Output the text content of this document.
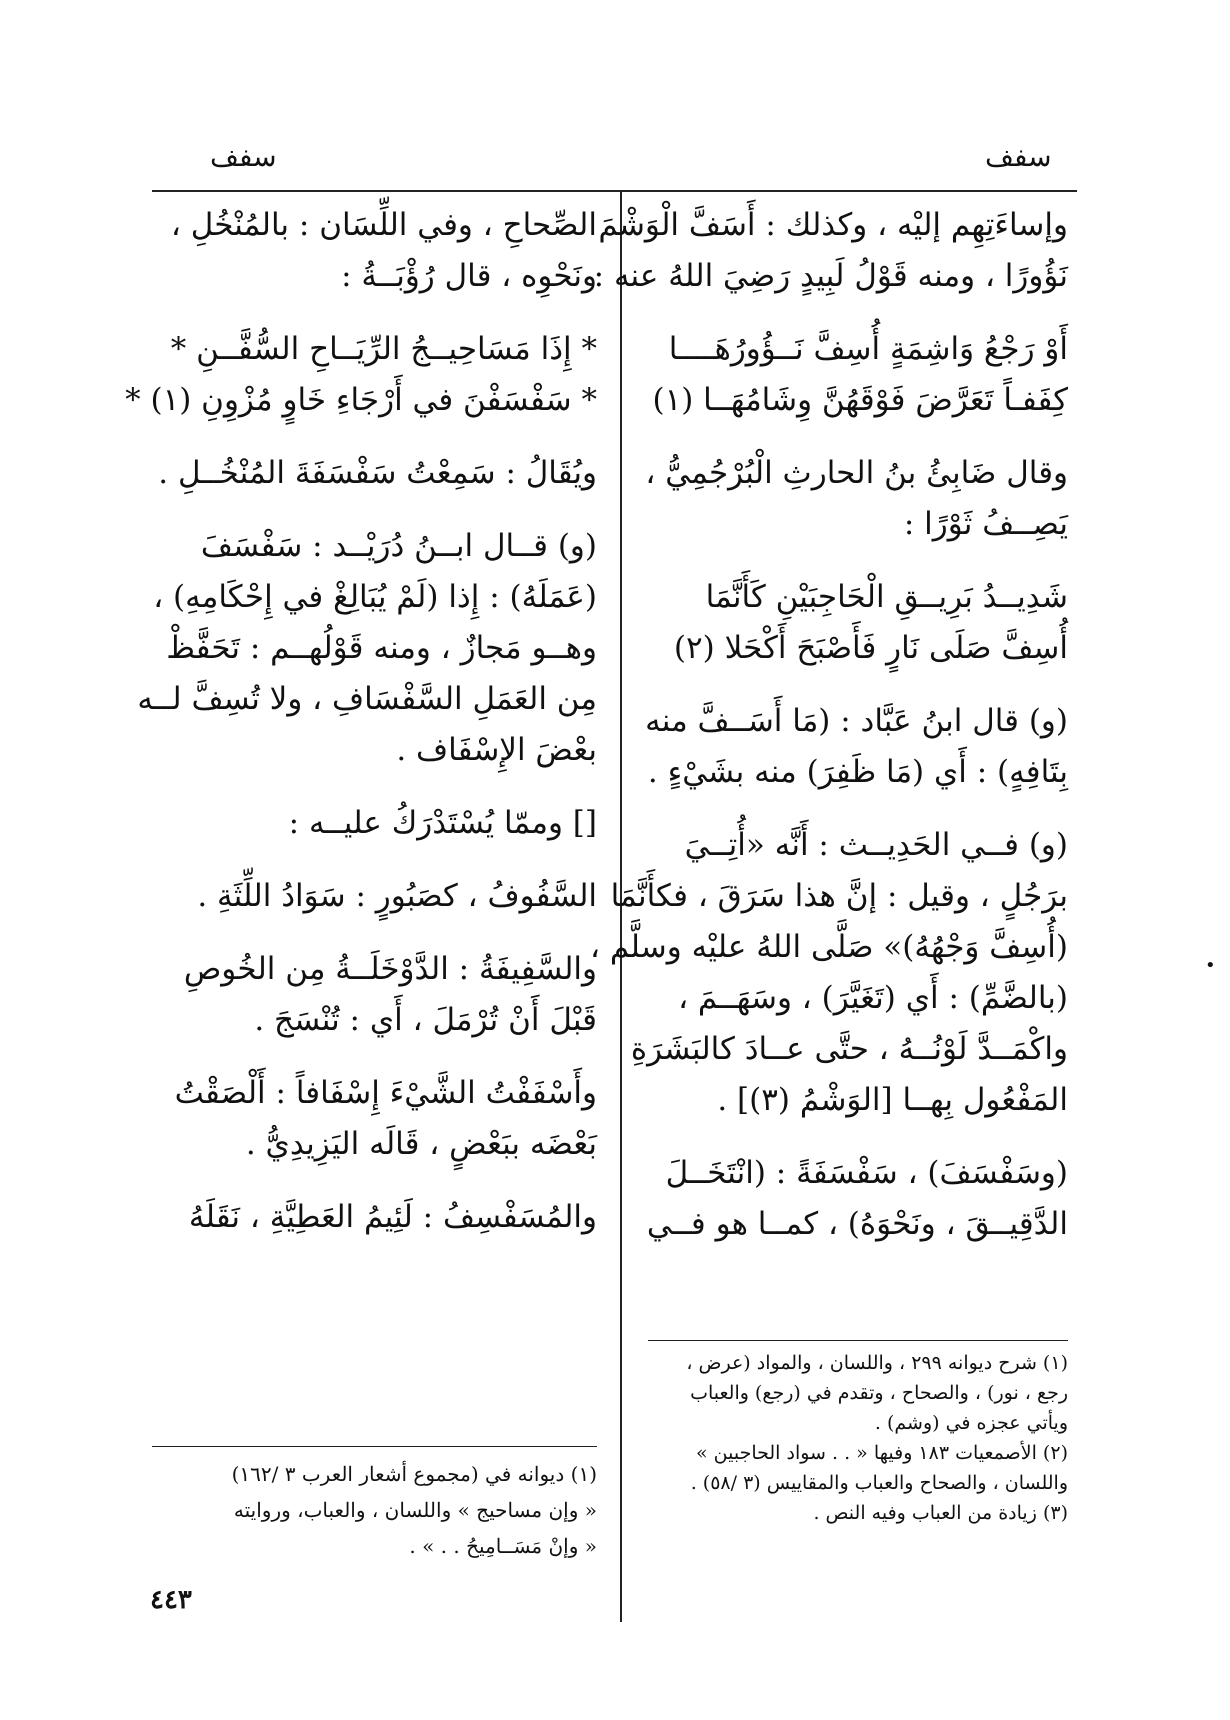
سفف
سفف

وإساءَتِهِم إليْه ، وكذلك : أَسَفَّ الْوَشْمَ

نَؤُورًا ، ومنه قَوْلُ لَبِيدٍ رَضِيَ اللهُ عنه :

أَوْ رَجْعُ وَاشِمَةٍ أُسِفَّ نَــؤُورُهَــــا

كِفَفـاً تَعَرَّضَ فَوْقَهُنَّ وِشَامُهَــا (١)

وقال ضَابِئُ بنُ الحارثِ الْبُرْجُمِيُّ ،

يَصِــفُ ثَوْرًا :

شَدِيــدُ بَرِيــقِ الْحَاجِبَيْنِ كَأَنَّمَا

أُسِفَّ صَلَى نَارٍ فَأَصْبَحَ أَكْحَلا (٢)

(و) قال ابنُ عَبَّاد : (مَا أَسَــفَّ منه

بِتَافِهٍ) : أَي (مَا ظَفِرَ) منه بشَيْءٍ .

(و) فــي الحَدِيــث : أَنَّه «أُتِــيَ

برَجُلٍ ، وقيل : إنَّ هذا سَرَقَ ، فكأَنَّمَا

(أُسِفَّ وَجْهُهُ)» صَلَّى اللهُ عليْه وسلَّم ،

(بالضَّمِّ) : أَي (تَغَيَّرَ) ، وسَهَــمَ ،

واكْمَــدَّ لَوْنُــهُ ، حتَّى عــادَ كالبَشَرَةِ

المَفْعُول بِهــا [الوَشْمُ (٣)] .

(وسَفْسَفَ) ، سَفْسَفَةً : (انْتَخَــلَ

الدَّقِيــقَ ، ونَحْوَهُ) ، كمــا هو فــي

(١) شرح ديوانه ٢٩٩ ، واللسان ، والمواد (عرض ،
رجع ، نور) ، والصحاح ، وتقدم في (رجع) والعباب
ويأتي عجزه في (وشم) .
(٢) الأصمعيات ١٨٣ وفيها « . . سواد الحاجبين »
واللسان ، والصحاح والعباب والمقاييس (٣ /٥٨) .
(٣) زيادة من العباب وفيه النص .

الصِّحاحِ ، وفي اللِّسَان : بالمُنْخُلِ ،

ونَحْوِه ، قال رُؤْبَــةُ :

* إِذَا مَسَاحِيــجُ الرِّيَــاحِ السُّفَّــنِ *

* سَفْسَفْنَ في أَرْجَاءِ خَاوٍ مُزْوِنِ (١) *

ويُقَالُ : سَمِعْتُ سَفْسَفَةَ المُنْخُــلِ .

(و) قــال ابــنُ دُرَيْــد : سَفْسَفَ

(عَمَلَهُ) : إِذا (لَمْ يُبَالِغْ في إِحْكَامِهِ) ،

وهــو مَجازٌ ، ومنه قَوْلُهــم : تَحَفَّظْ

مِن العَمَلِ السَّفْسَافِ ، ولا تُسِفَّ لــه

بعْضَ الإِسْفَاف .

[] وممّا يُسْتَدْرَكُ عليــه :

السَّفُوفُ ، كصَبُورٍ : سَوَادُ اللِّثَةِ .

والسَّفِيفَةُ : الدَّوْخَلَــةُ مِن الخُوصِ

قَبْلَ أَنْ تُرْمَلَ ، أَي : تُنْسَجَ .

وأَسْفَفْتُ الشَّيْءَ إِسْفَافاً : أَلْصَقْتُ

بَعْضَه ببَعْضٍ ، قَالَه اليَزِيدِيُّ .

والمُسَفْسِفُ : لَئِيمُ العَطِيَّةِ ، نَقَلَهُ

(١) ديوانه في (مجموع أشعار العرب ٣ /١٦٢)
« وإن مساحيج » واللسان ، والعباب، وروايته
« وإنْ مَسَــامِيحُ . . » .
٤٤٣
•
